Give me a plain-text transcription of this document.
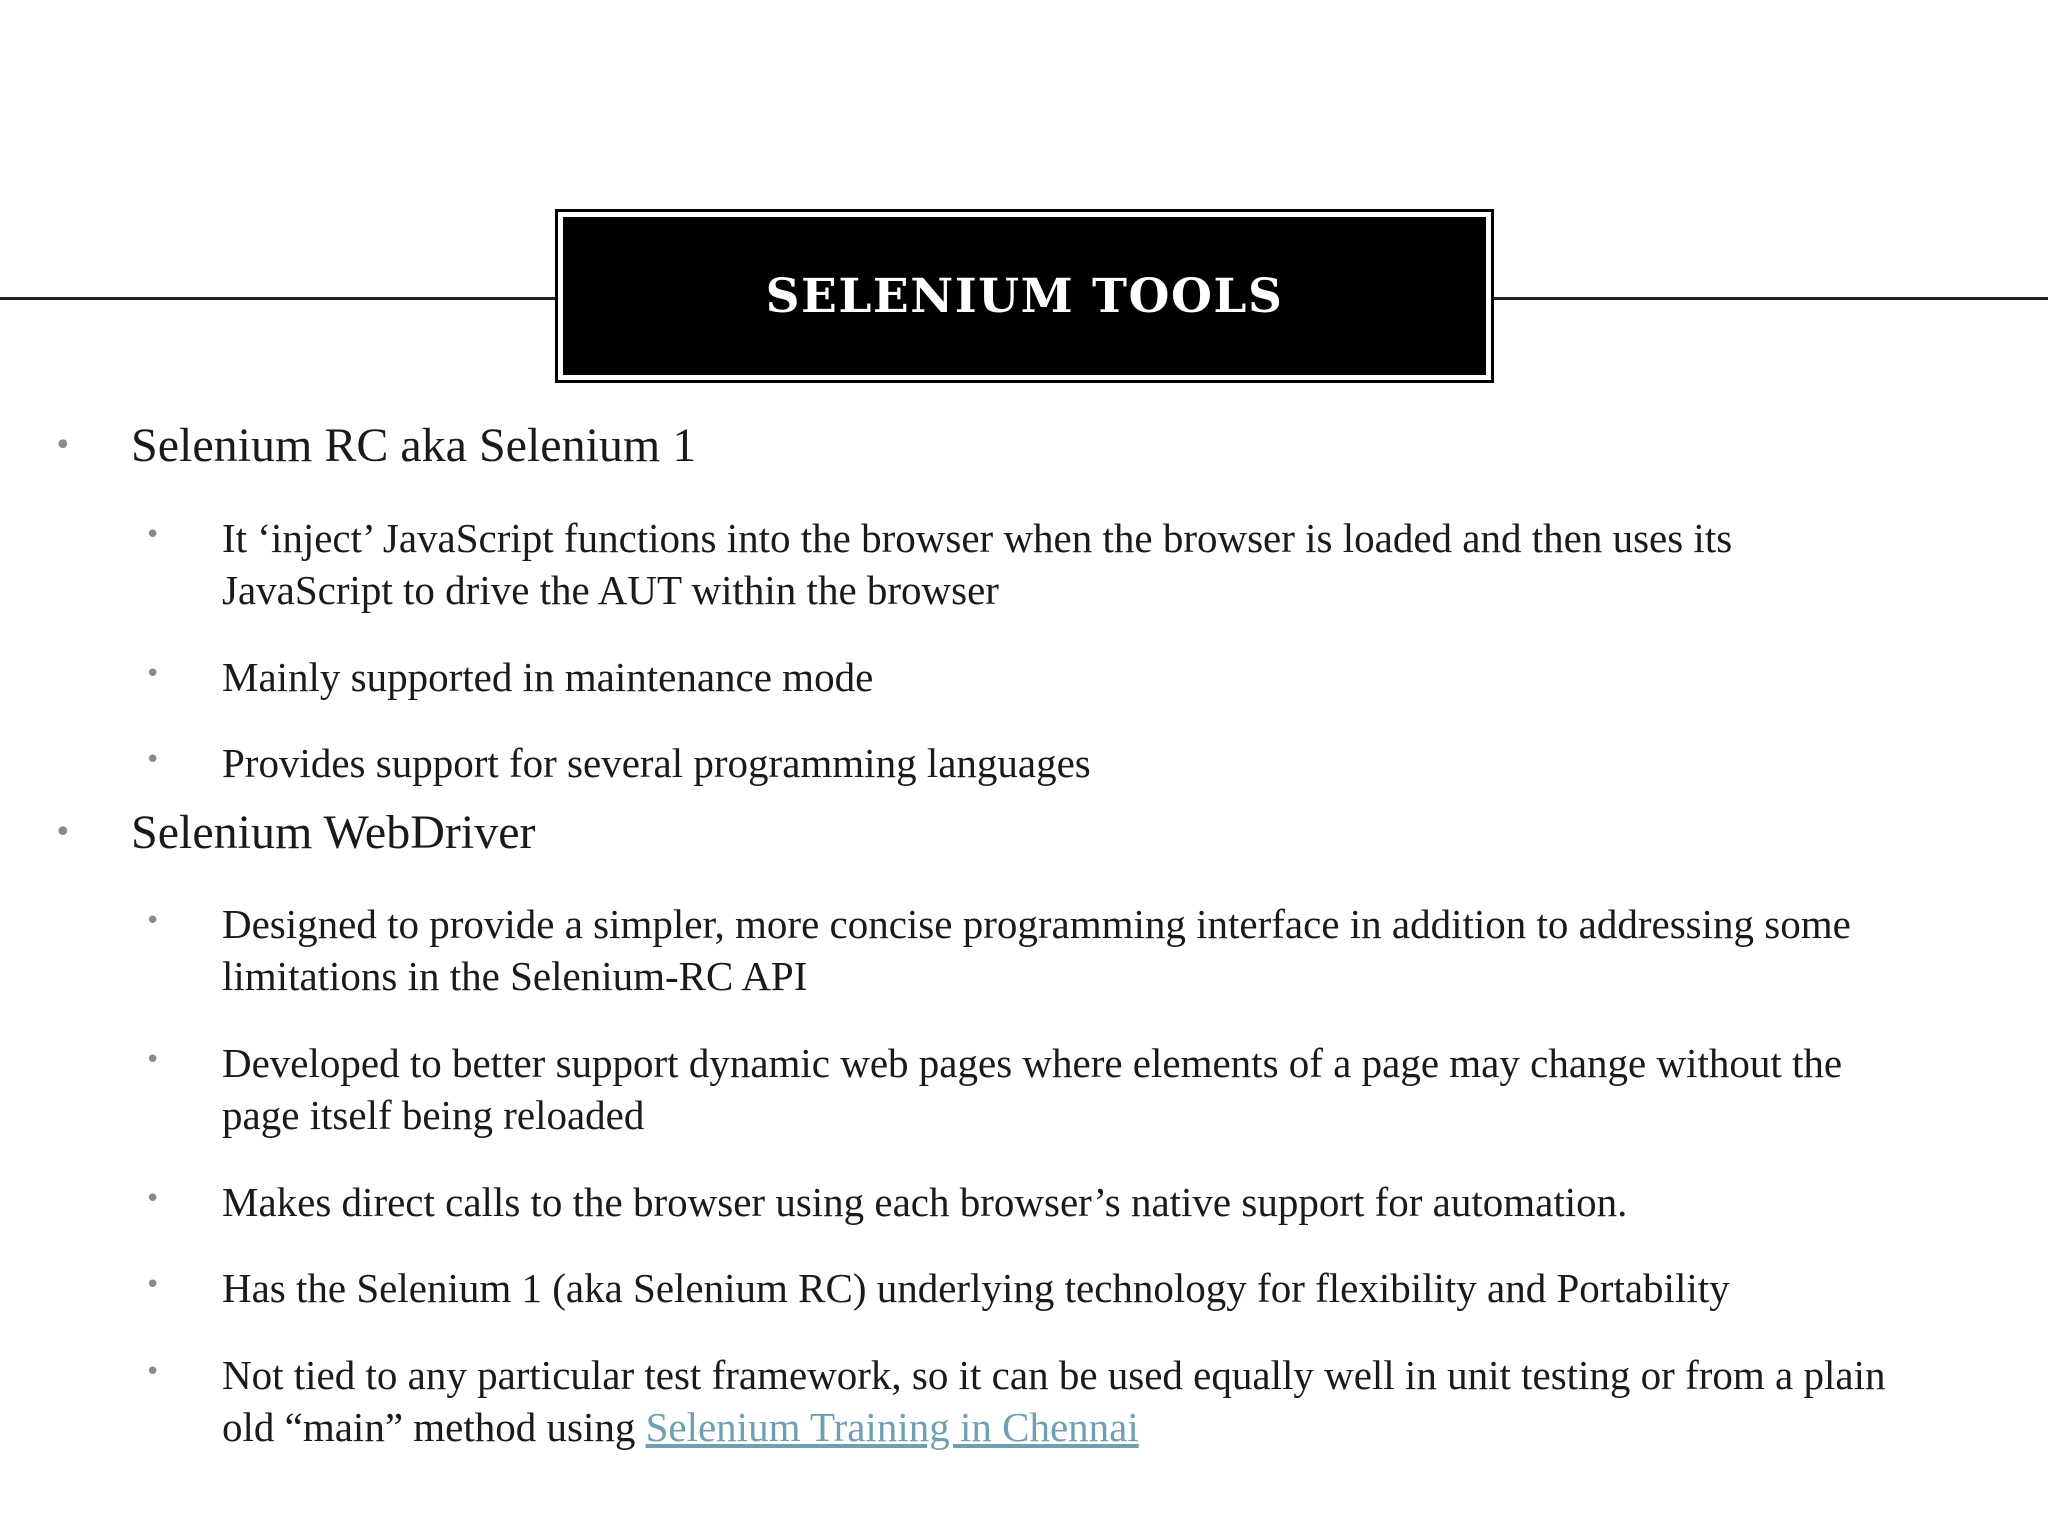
SELENIUM TOOLS
• Selenium RC aka Selenium 1
• It ‘inject’ JavaScript functions into the browser when the browser is loaded and then uses its JavaScript to drive the AUT within the browser
• Mainly supported in maintenance mode
• Provides support for several programming languages
• Selenium WebDriver
• Designed to provide a simpler, more concise programming interface in addition to addressing some limitations in the Selenium-RC API
• Developed to better support dynamic web pages where elements of a page may change without the page itself being reloaded
• Makes direct calls to the browser using each browser’s native support for automation.
• Has the Selenium 1 (aka Selenium RC) underlying technology for flexibility and Portability
• Not tied to any particular test framework, so it can be used equally well in unit testing or from a plain old “main” method using Selenium Training in Chennai
